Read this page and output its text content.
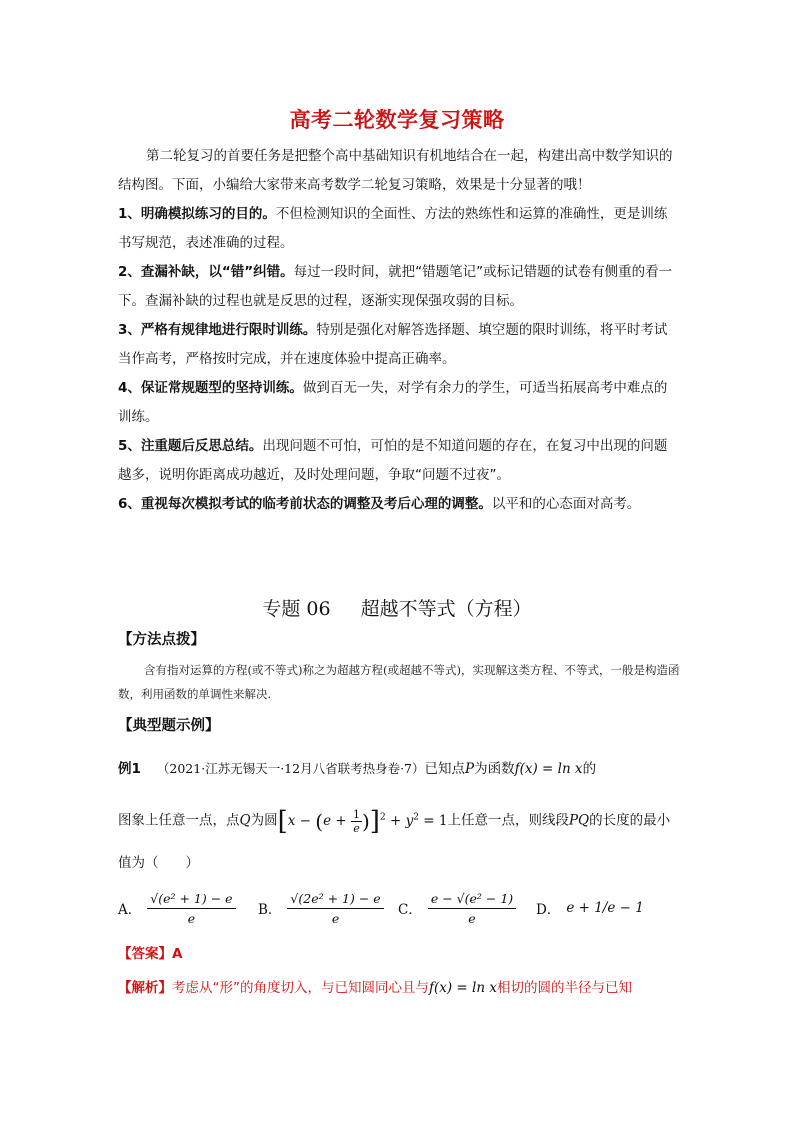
高考二轮数学复习策略
第二轮复习的首要任务是把整个高中基础知识有机地结合在一起，构建出高中数学知识的结构图。下面，小编给大家带来高考数学二轮复习策略，效果是十分显著的哦！
1、明确模拟练习的目的。不但检测知识的全面性、方法的熟练性和运算的准确性，更是训练书写规范，表述准确的过程。
2、查漏补缺，以“错”纠错。每过一段时间，就把“错题笔记”或标记错题的试卷有侧重的看一下。查漏补缺的过程也就是反思的过程，逐渐实现保强攻弱的目标。
3、严格有规律地进行限时训练。特别是强化对解答选择题、填空题的限时训练，将平时考试当作高考，严格按时完成，并在速度体验中提高正确率。
4、保证常规题型的坚持训练。做到百无一失，对学有余力的学生，可适当拓展高考中难点的训练。
5、注重题后反思总结。出现问题不可怕，可怕的是不知道问题的存在，在复习中出现的问题越多，说明你距离成功越近，及时处理问题，争取“问题不过夜”。
6、重视每次模拟考试的临考前状态的调整及考后心理的调整。以平和的心态面对高考。
专题 06 超越不等式（方程）
【方法点拨】
含有指对运算的方程(或不等式)称之为超越方程(或超越不等式)，实现解这类方程、不等式，一般是构造函数，利用函数的单调性来解决.
【典型题示例】
例1 （2021·江苏无锡天一·12月八省联考热身卷·7）已知点P为函数f(x) = ln x的
图象上任意一点，点Q为圆$[x - (e + \frac{1}{e} )]^2 + y^2 = 1$上任意一点，则线段PQ的长度的最小
值为（　　）
A． $\frac{\text{√(e² + 1) − e}}{e}$ B． $\frac{\text{√(2e² + 1) − e}}{e}$ C． $\frac{\text{e − √(e² − 1)}}{e}$ D． e + 1/e − 1
【答案】A
【解析】考虑从“形”的角度切入，与已知圆同心且与f(x) = ln x相切的圆的半径与已知
